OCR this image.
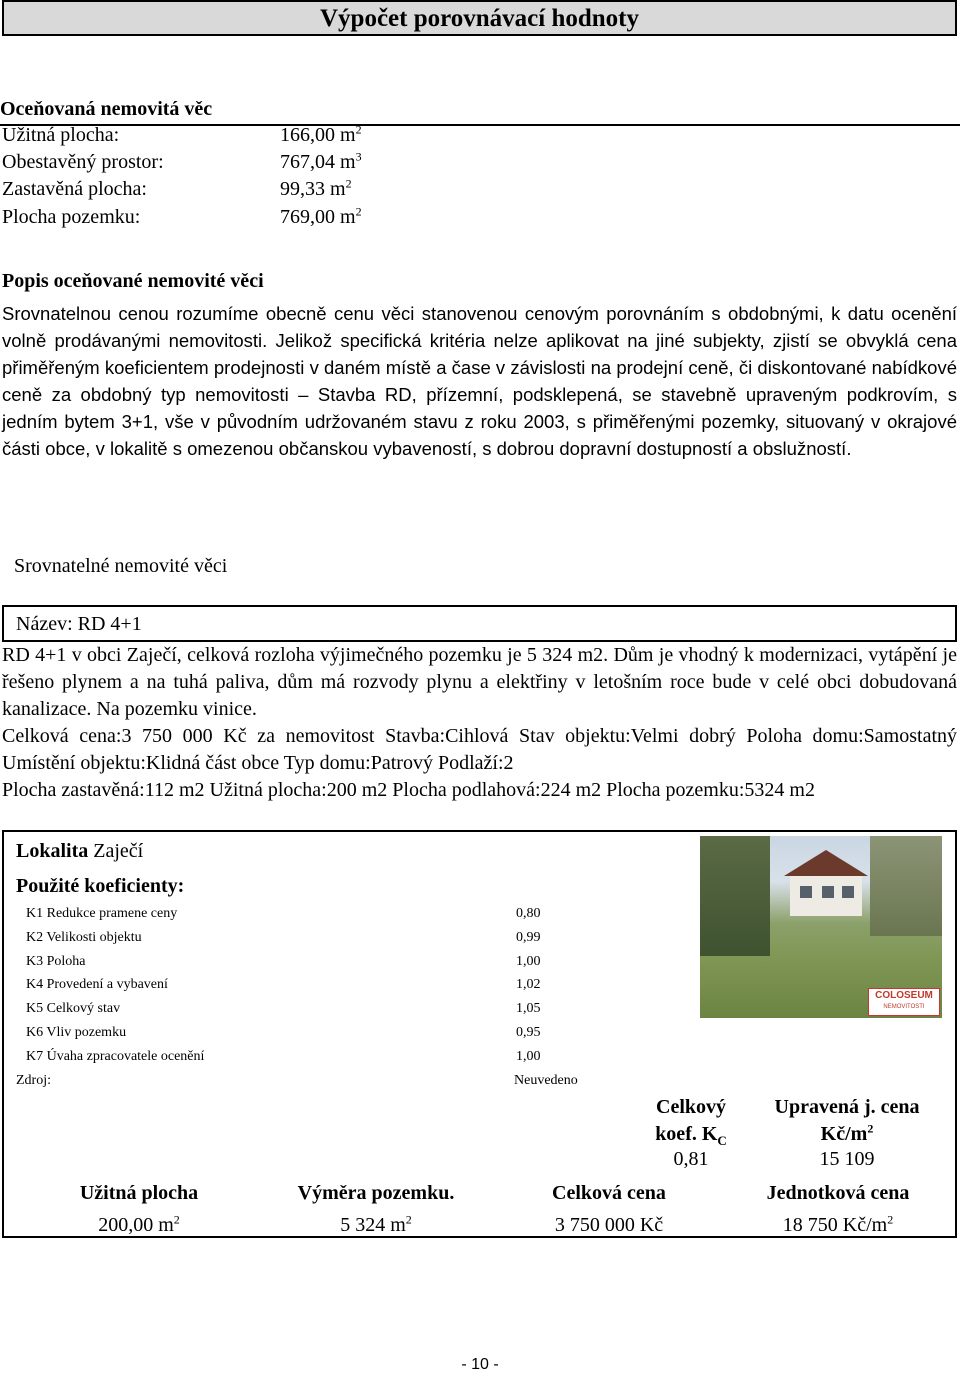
Výpočet porovnávací hodnoty
Oceňovaná nemovitá věc
Užitná plocha:	166,00 $m^2$
Obestavěný prostor:	767,04 $m^3$
Zastavěná plocha:	99,33 $m^2$
Plocha pozemku:	769,00 $m^2$
Popis oceňované nemovité věci

Srovnatelnou cenou rozumíme obecně cenu věci stanovenou cenovým porovnáním s obdobnými, k datu ocenění volně prodávanými nemovitosti. Jelikož specifická kritéria nelze aplikovat na jiné subjekty, zjistí se obvyklá cena přiměřeným koeficientem prodejnosti v daném místě a čase v závislosti na prodejní ceně, či diskontované nabídkové ceně za obdobný typ nemovitosti – Stavba RD, přízemní, podsklepená, se stavebně upraveným podkrovím, s jedním bytem 3+1, vše v původním udržovaném stavu z roku 2003, s přiměřenými pozemky, situovaný v okrajové části obce, v lokalitě s omezenou občanskou vybaveností, s dobrou dopravní dostupností a obslužností.

Srovnatelné nemovité věci
Název: RD 4+1

RD 4+1 v obci Zaječí, celková rozloha výjimečného pozemku je 5 324 m2. Dům je vhodný k modernizaci, vytápění je řešeno plynem a na tuhá paliva, dům má rozvody plynu a elektřiny v letošním roce bude v celé obci dobudovaná kanalizace. Na pozemku vinice.

Celková cena:3 750 000 Kč za nemovitost Stavba:Cihlová Stav objektu:Velmi dobrý Poloha domu:Samostatný Umístění objektu:Klidná část obce Typ domu:Patrový Podlaží:2

Plocha zastavěná:112 m2 Užitná plocha:200 m2 Plocha podlahová:224 m2 Plocha pozemku:5324 m2

Lokalita Zaječí
Použité koeficienty:
COLOSEUM
NEMOVITOSTI
K1 Redukce pramene ceny	0,80
K2 Velikosti objektu	0,99
K3 Poloha	1,00
K4 Provedení a vybavení	1,02
K5 Celkový stav	1,05
K6 Vliv pozemku	0,95
K7 Úvaha zpracovatele ocenění	1,00
Zdroj:	Neuvedeno
Celkový
koef. $K_C$
0,81
Upravená j. cena
$Kč/m^2$
15 109
Užitná plocha	Výměra pozemku.	Celková cena	Jednotková cena
200,00 $m^2$	5 324 $m^2$	3 750 000 Kč	18 750 $Kč/m^2$
- 10 -
